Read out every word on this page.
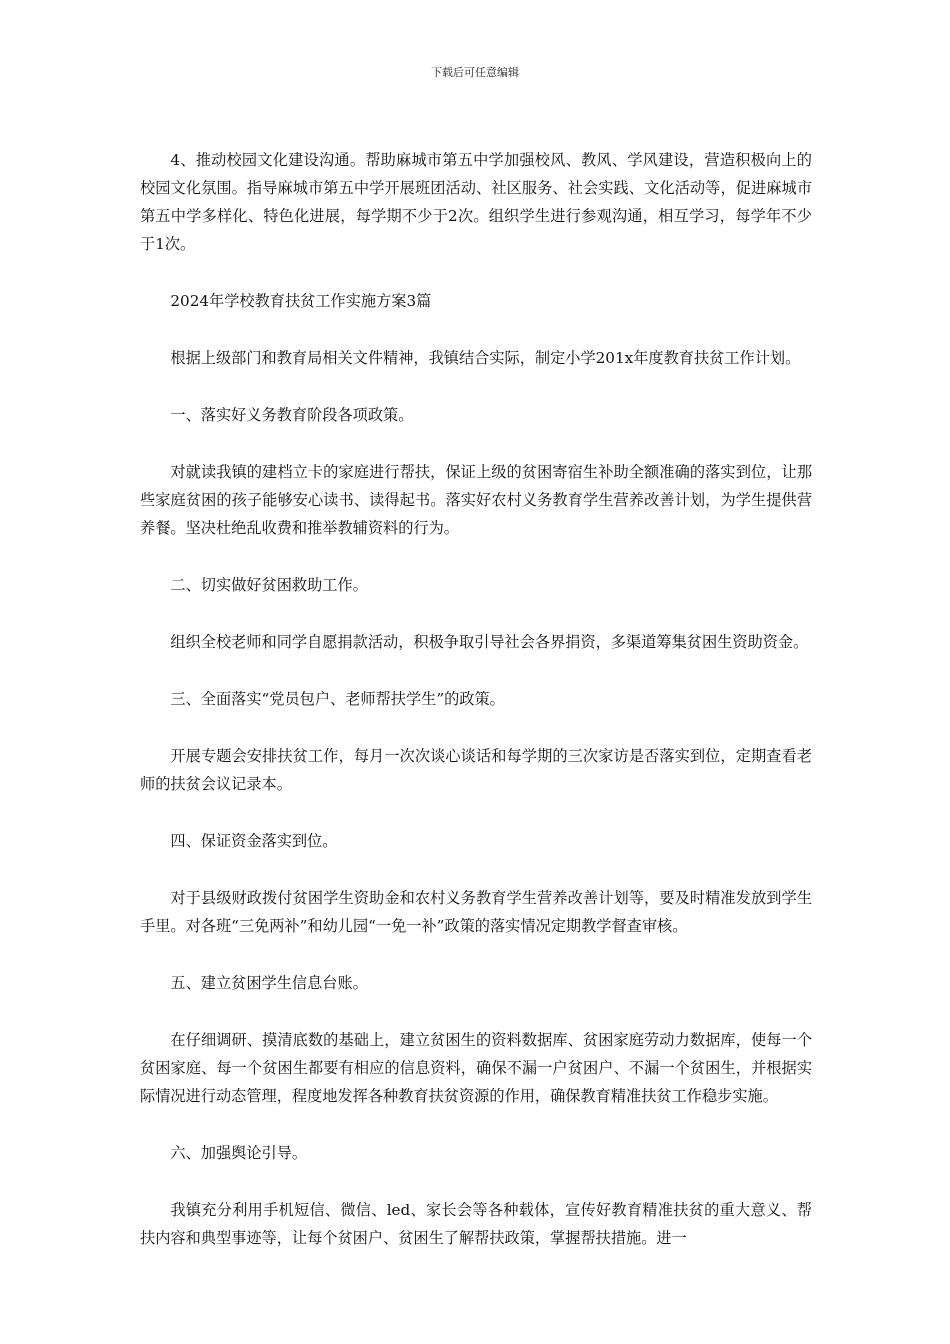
下载后可任意编辑

4、推动校园文化建设沟通。帮助麻城市第五中学加强校风、教风、学风建设，营造积极向上的校园文化氛围。指导麻城市第五中学开展班团活动、社区服务、社会实践、文化活动等，促进麻城市第五中学多样化、特色化进展，每学期不少于2次。组织学生进行参观沟通，相互学习，每学年不少于1次。

2024年学校教育扶贫工作实施方案3篇

根据上级部门和教育局相关文件精神，我镇结合实际，制定小学201x年度教育扶贫工作计划。

一、落实好义务教育阶段各项政策。

对就读我镇的建档立卡的家庭进行帮扶，保证上级的贫困寄宿生补助全额准确的落实到位，让那些家庭贫困的孩子能够安心读书、读得起书。落实好农村义务教育学生营养改善计划，为学生提供营养餐。坚决杜绝乱收费和推举教辅资料的行为。

二、切实做好贫困救助工作。

组织全校老师和同学自愿捐款活动，积极争取引导社会各界捐资，多渠道筹集贫困生资助资金。

三、全面落实“党员包户、老师帮扶学生”的政策。

开展专题会安排扶贫工作，每月一次次谈心谈话和每学期的三次家访是否落实到位，定期查看老师的扶贫会议记录本。

四、保证资金落实到位。

对于县级财政拨付贫困学生资助金和农村义务教育学生营养改善计划等，要及时精准发放到学生手里。对各班“三免两补”和幼儿园“一免一补”政策的落实情况定期教学督查审核。

五、建立贫困学生信息台账。

在仔细调研、摸清底数的基础上，建立贫困生的资料数据库、贫困家庭劳动力数据库，使每一个贫困家庭、每一个贫困生都要有相应的信息资料，确保不漏一户贫困户、不漏一个贫困生，并根据实际情况进行动态管理，程度地发挥各种教育扶贫资源的作用，确保教育精准扶贫工作稳步实施。

六、加强舆论引导。

我镇充分利用手机短信、微信、led、家长会等各种载体，宣传好教育精准扶贫的重大意义、帮扶内容和典型事迹等，让每个贫困户、贫困生了解帮扶政策，掌握帮扶措施。进一
